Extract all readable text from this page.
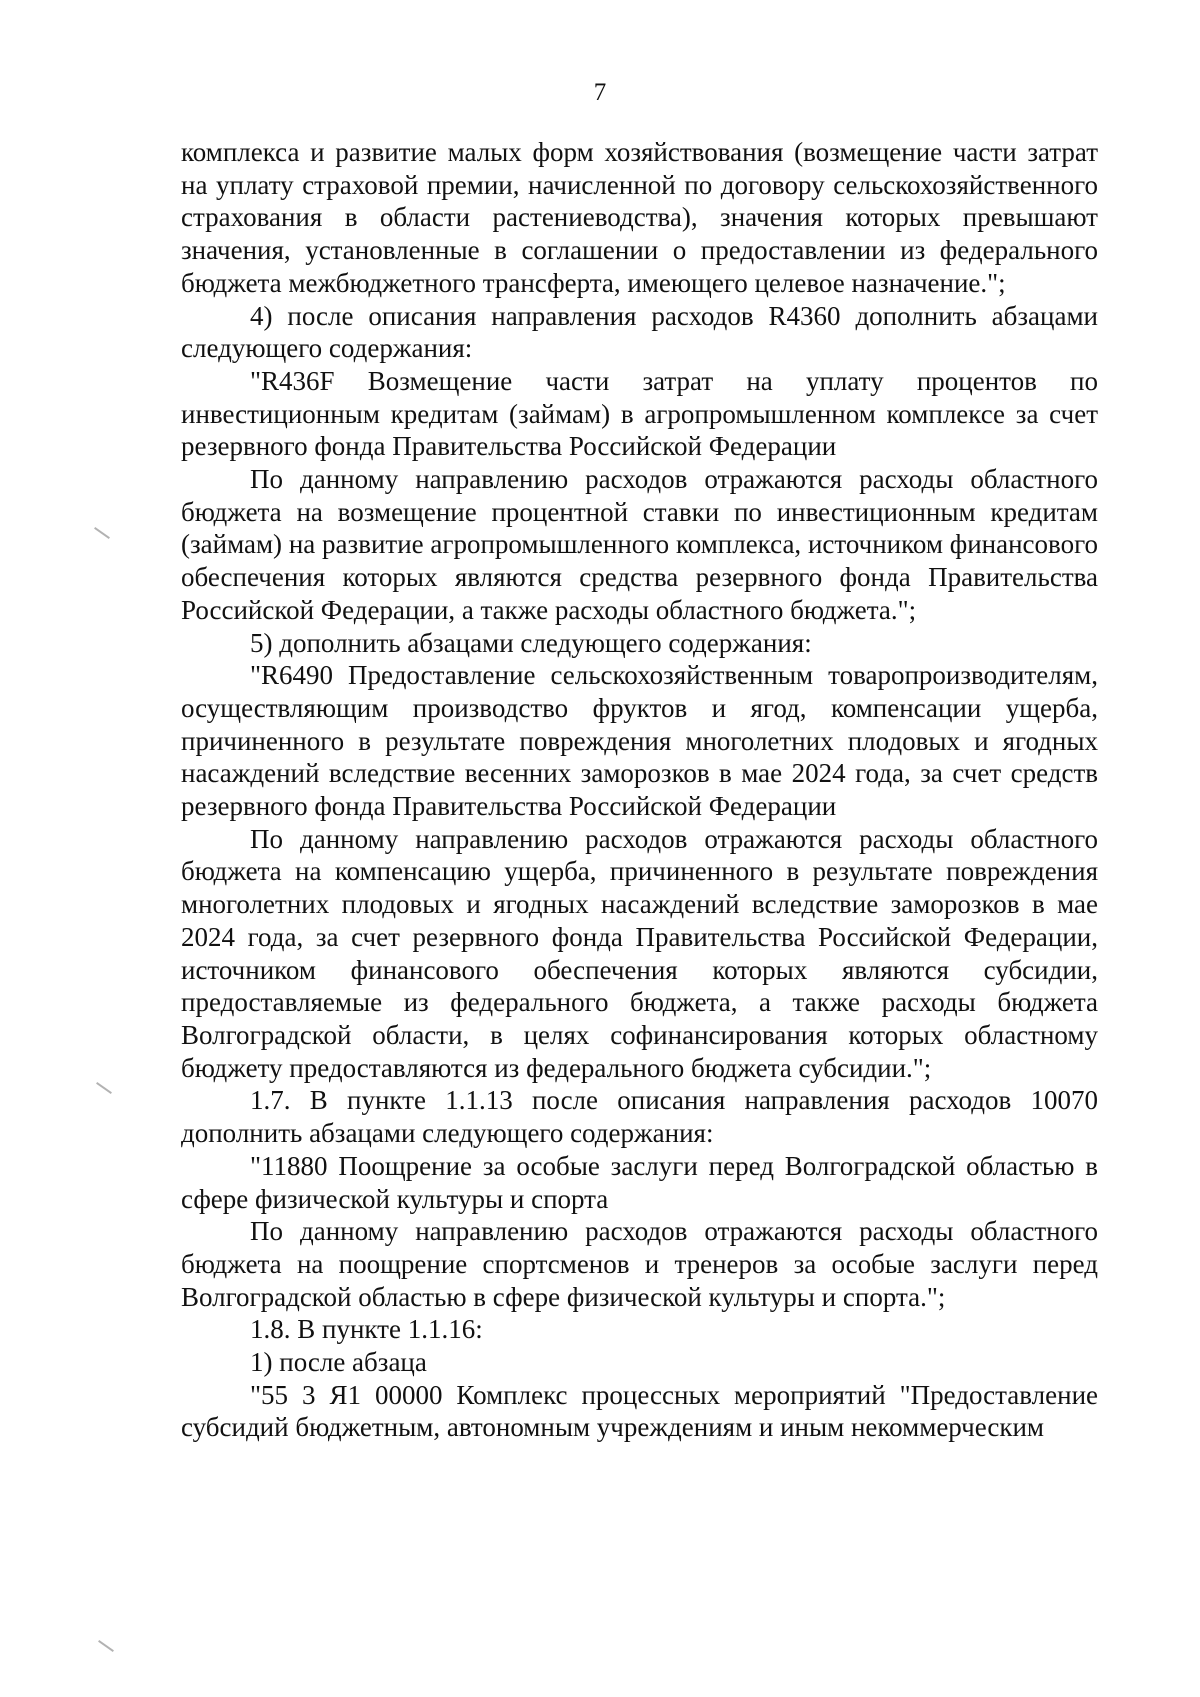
7

комплекса и развитие малых форм хозяйствования (возмещение части затрат на уплату страховой премии, начисленной по договору сельскохозяйственного страхования в области растениеводства), значения которых превышают значения, установленные в соглашении о предоставлении из федерального бюджета межбюджетного трансферта, имеющего целевое назначение.";

4) после описания направления расходов R4360 дополнить абзацами следующего содержания:

"R436F Возмещение части затрат на уплату процентов по инвестиционным кредитам (займам) в агропромышленном комплексе за счет резервного фонда Правительства Российской Федерации

По данному направлению расходов отражаются расходы областного бюджета на возмещение процентной ставки по инвестиционным кредитам (займам) на развитие агропромышленного комплекса, источником финансового обеспечения которых являются средства резервного фонда Правительства Российской Федерации, а также расходы областного бюджета.";

5) дополнить абзацами следующего содержания:

"R6490 Предоставление сельскохозяйственным товаропроизводителям, осуществляющим производство фруктов и ягод, компенсации ущерба, причиненного в результате повреждения многолетних плодовых и ягодных насаждений вследствие весенних заморозков в мае 2024 года, за счет средств резервного фонда Правительства Российской Федерации

По данному направлению расходов отражаются расходы областного бюджета на компенсацию ущерба, причиненного в результате повреждения многолетних плодовых и ягодных насаждений вследствие заморозков в мае 2024 года, за счет резервного фонда Правительства Российской Федерации, источником финансового обеспечения которых являются субсидии, предоставляемые из федерального бюджета, а также расходы бюджета Волгоградской области, в целях софинансирования которых областному бюджету предоставляются из федерального бюджета субсидии.";

1.7. В пункте 1.1.13 после описания направления расходов 10070 дополнить абзацами следующего содержания:

"11880 Поощрение за особые заслуги перед Волгоградской областью в сфере физической культуры и спорта

По данному направлению расходов отражаются расходы областного бюджета на поощрение спортсменов и тренеров за особые заслуги перед Волгоградской областью в сфере физической культуры и спорта.";

1.8. В пункте 1.1.16:

1) после абзаца

"55 3 Я1 00000 Комплекс процессных мероприятий "Предоставление субсидий бюджетным, автономным учреждениям и иным некоммерческим
